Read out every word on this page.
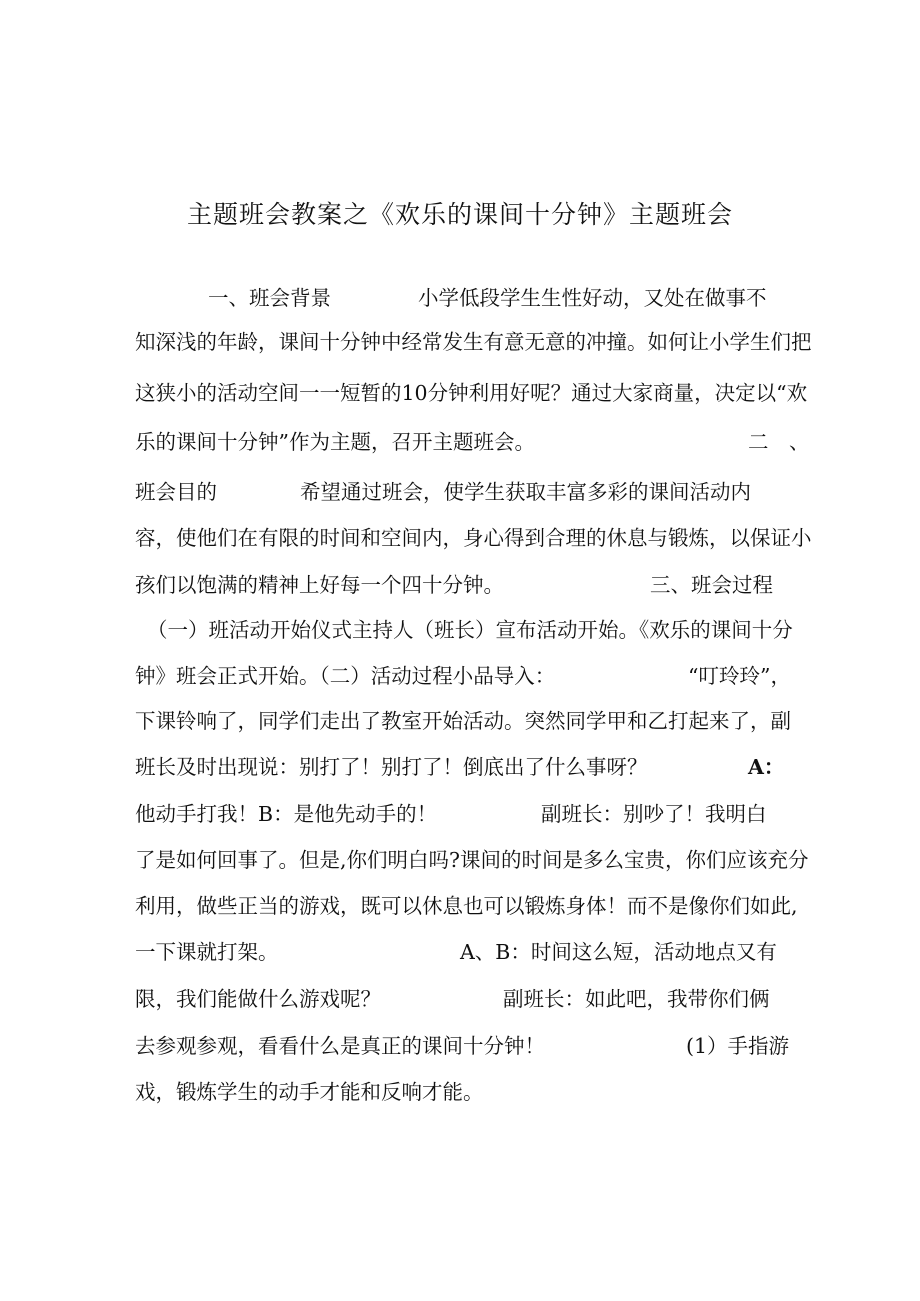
主题班会教案之《欢乐的课间十分钟》主题班会
一、班会背景	小学低段学生生性好动，又处在做事不
知深浅的年龄，课间十分钟中经常发生有意无意的冲撞。如何让小学生们把
这狭小的活动空间一一短暂的10分钟利用好呢？通过大家商量，决定以“欢
乐的课间十分钟”作为主题，召开主题班会。	二　、
班会目的	希望通过班会，使学生获取丰富多彩的课间活动内
容，使他们在有限的时间和空间内，身心得到合理的休息与锻炼，以保证小
孩们以饱满的精神上好每一个四十分钟。	三、班会过程
（一）班活动开始仪式主持人（班长）宣布活动开始。《欢乐的课间十分
钟》班会正式开始。（二）活动过程小品导入：	“叮玲玲”，
下课铃响了，同学们走出了教室开始活动。突然同学甲和乙打起来了，副
班长及时出现说：别打了！别打了！倒底出了什么事呀？	A：
他动手打我！B：是他先动手的！	副班长：别吵了！我明白
了是如何回事了。但是,你们明白吗?课间的时间是多么宝贵，你们应该充分
利用，做些正当的游戏，既可以休息也可以锻炼身体！而不是像你们如此,
一下课就打架。	A、B：时间这么短，活动地点又有
限，我们能做什么游戏呢？	副班长：如此吧，我带你们俩
去参观参观，看看什么是真正的课间十分钟！	(1）手指游
戏，锻炼学生的动手才能和反响才能。
